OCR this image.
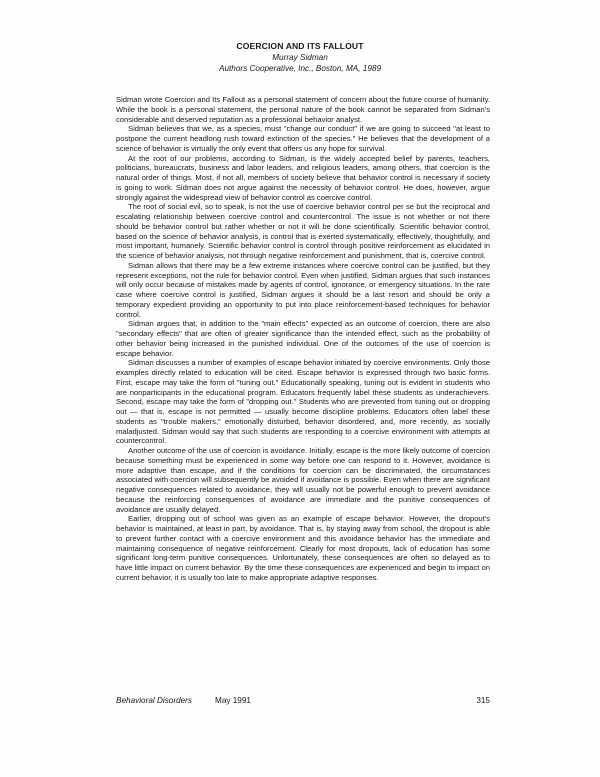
COERCION AND ITS FALLOUT
Murray Sidman
Authors Cooperative, Inc., Boston, MA, 1989

Sidman wrote Coercion and Its Fallout as a personal statement of concern about the future course of humanity. While the book is a personal statement, the personal nature of the book cannot be separated from Sidman's considerable and deserved reputation as a professional behavior analyst.

Sidman believes that we, as a species, must "change our conduct" if we are going to succeed "at least to postpone the current headlong rush toward extinction of the species." He believes that the development of a science of behavior is virtually the only event that offers us any hope for survival.

At the root of our problems, according to Sidman, is the widely accepted belief by parents, teachers, politicians, bureaucrats, business and labor leaders, and religious leaders, among others, that coercion is the natural order of things. Most, if not all, members of society believe that behavior control is necessary if society is going to work. Sidman does not argue against the necessity of behavior control. He does, however, argue strongly against the widespread view of behavior control as coercive control.

The root of social evil, so to speak, is not the use of coercive behavior control per se but the reciprocal and escalating relationship between coercive control and countercontrol. The issue is not whether or not there should be behavior control but rather whether or not it will be done scientifically. Scientific behavior control, based on the science of behavior analysis, is control that is exerted systematically, effectively, thoughtfully, and most important, humanely. Scientific behavior control is control through positive reinforcement as elucidated in the science of behavior analysis, not through negative reinforcement and punishment, that is, coercive control.

Sidman allows that there may be a few extreme instances where coercive control can be justified, but they represent exceptions, not the rule for behavior control. Even when justified, Sidman argues that such instances will only occur because of mistakes made by agents of control, ignorance, or emergency situations. In the rare case where coercive control is justified, Sidman argues it should be a last resort and should be only a temporary expedient providing an opportunity to put into place reinforcement-based techniques for behavior control.

Sidman argues that, in addition to the "main effects" expected as an outcome of coercion, there are also "secondary effects" that are often of greater significance than the intended effect, such as the probability of other behavior being increased in the punished individual. One of the outcomes of the use of coercion is escape behavior.

Sidman discusses a number of examples of escape behavior initiated by coercive environments. Only those examples directly related to education will be cited. Escape behavior is expressed through two basic forms. First, escape may take the form of "tuning out." Educationally speaking, tuning out is evident in students who are nonparticipants in the educational program. Educators frequently label these students as underachievers. Second, escape may take the form of "dropping out." Students who are prevented from tuning out or dropping out — that is, escape is not permitted — usually become discipline problems. Educators often label these students as "trouble makers," emotionally disturbed, behavior disordered, and, more recently, as socially maladjusted. Sidman would say that such students are responding to a coercive environment with attempts at countercontrol.

Another outcome of the use of coercion is avoidance. Initially, escape is the more likely outcome of coercion because something must be experienced in some way before one can respond to it. However, avoidance is more adaptive than escape, and if the conditions for coercion can be discriminated, the circumstances associated with coercion will subsequently be avoided if avoidance is possible. Even when there are significant negative consequences related to avoidance, they will usually not be powerful enough to prevent avoidance because the reinforcing consequences of avoidance are immediate and the punitive consequences of avoidance are usually delayed.

Earlier, dropping out of school was given as an example of escape behavior. However, the dropout's behavior is maintained, at least in part, by avoidance. That is, by staying away from school, the dropout is able to prevent further contact with a coercive environment and this avoidance behavior has the immediate and maintaining consequence of negative reinforcement. Clearly for most dropouts, lack of education has some significant long-term punitive consequences. Unfortunately, these consequences are often so delayed as to have little impact on current behavior. By the time these consequences are experienced and begin to impact on current behavior, it is usually too late to make appropriate adaptive responses.

Behavioral Disorders	May 1991	315
